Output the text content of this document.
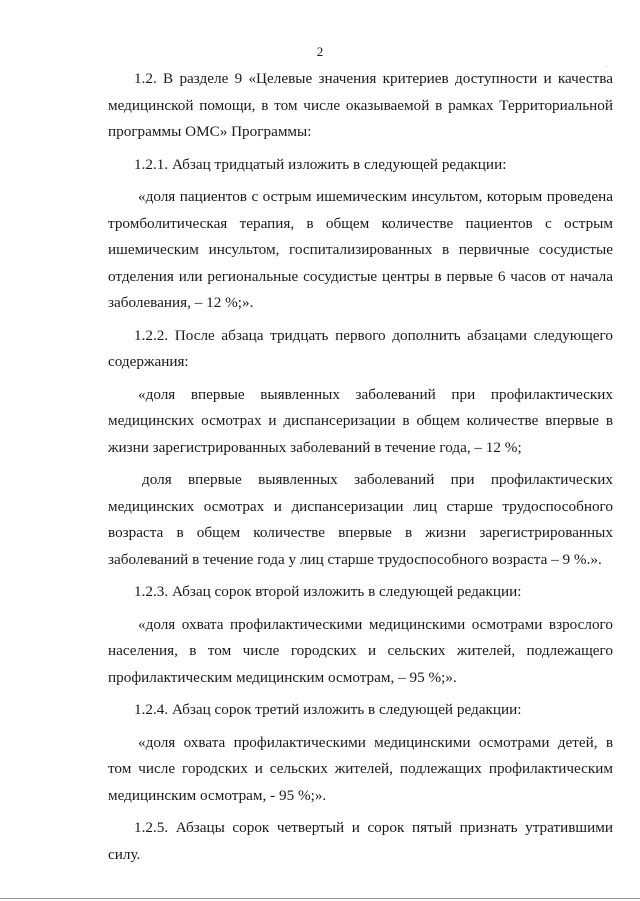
2

1.2. В разделе 9 «Целевые значения критериев доступности и качества медицинской помощи, в том числе оказываемой в рамках Территориальной программы ОМС» Программы:

1.2.1. Абзац тридцатый изложить в следующей редакции:

«доля пациентов с острым ишемическим инсультом, которым проведена тромболитическая терапия, в общем количестве пациентов с острым ишемическим инсультом, госпитализированных в первичные сосудистые отделения или региональные сосудистые центры в первые 6 часов от начала заболевания, – 12 %;».

1.2.2. После абзаца тридцать первого дополнить абзацами следующего содержания:

«доля впервые выявленных заболеваний при профилактических медицинских осмотрах и диспансеризации в общем количестве впервые в жизни зарегистрированных заболеваний в течение года, – 12 %;

доля впервые выявленных заболеваний при профилактических медицинских осмотрах и диспансеризации лиц старше трудоспособного возраста в общем количестве впервые в жизни зарегистрированных заболеваний в течение года у лиц старше трудоспособного возраста – 9 %.».

1.2.3. Абзац сорок второй изложить в следующей редакции:

«доля охвата профилактическими медицинскими осмотрами взрослого населения, в том числе городских и сельских жителей, подлежащего профилактическим медицинским осмотрам, – 95 %;».

1.2.4. Абзац сорок третий изложить в следующей редакции:

«доля охвата профилактическими медицинскими осмотрами детей, в том числе городских и сельских жителей, подлежащих профилактическим медицинским осмотрам, - 95 %;».

1.2.5. Абзацы сорок четвертый и сорок пятый признать утратившими силу.
